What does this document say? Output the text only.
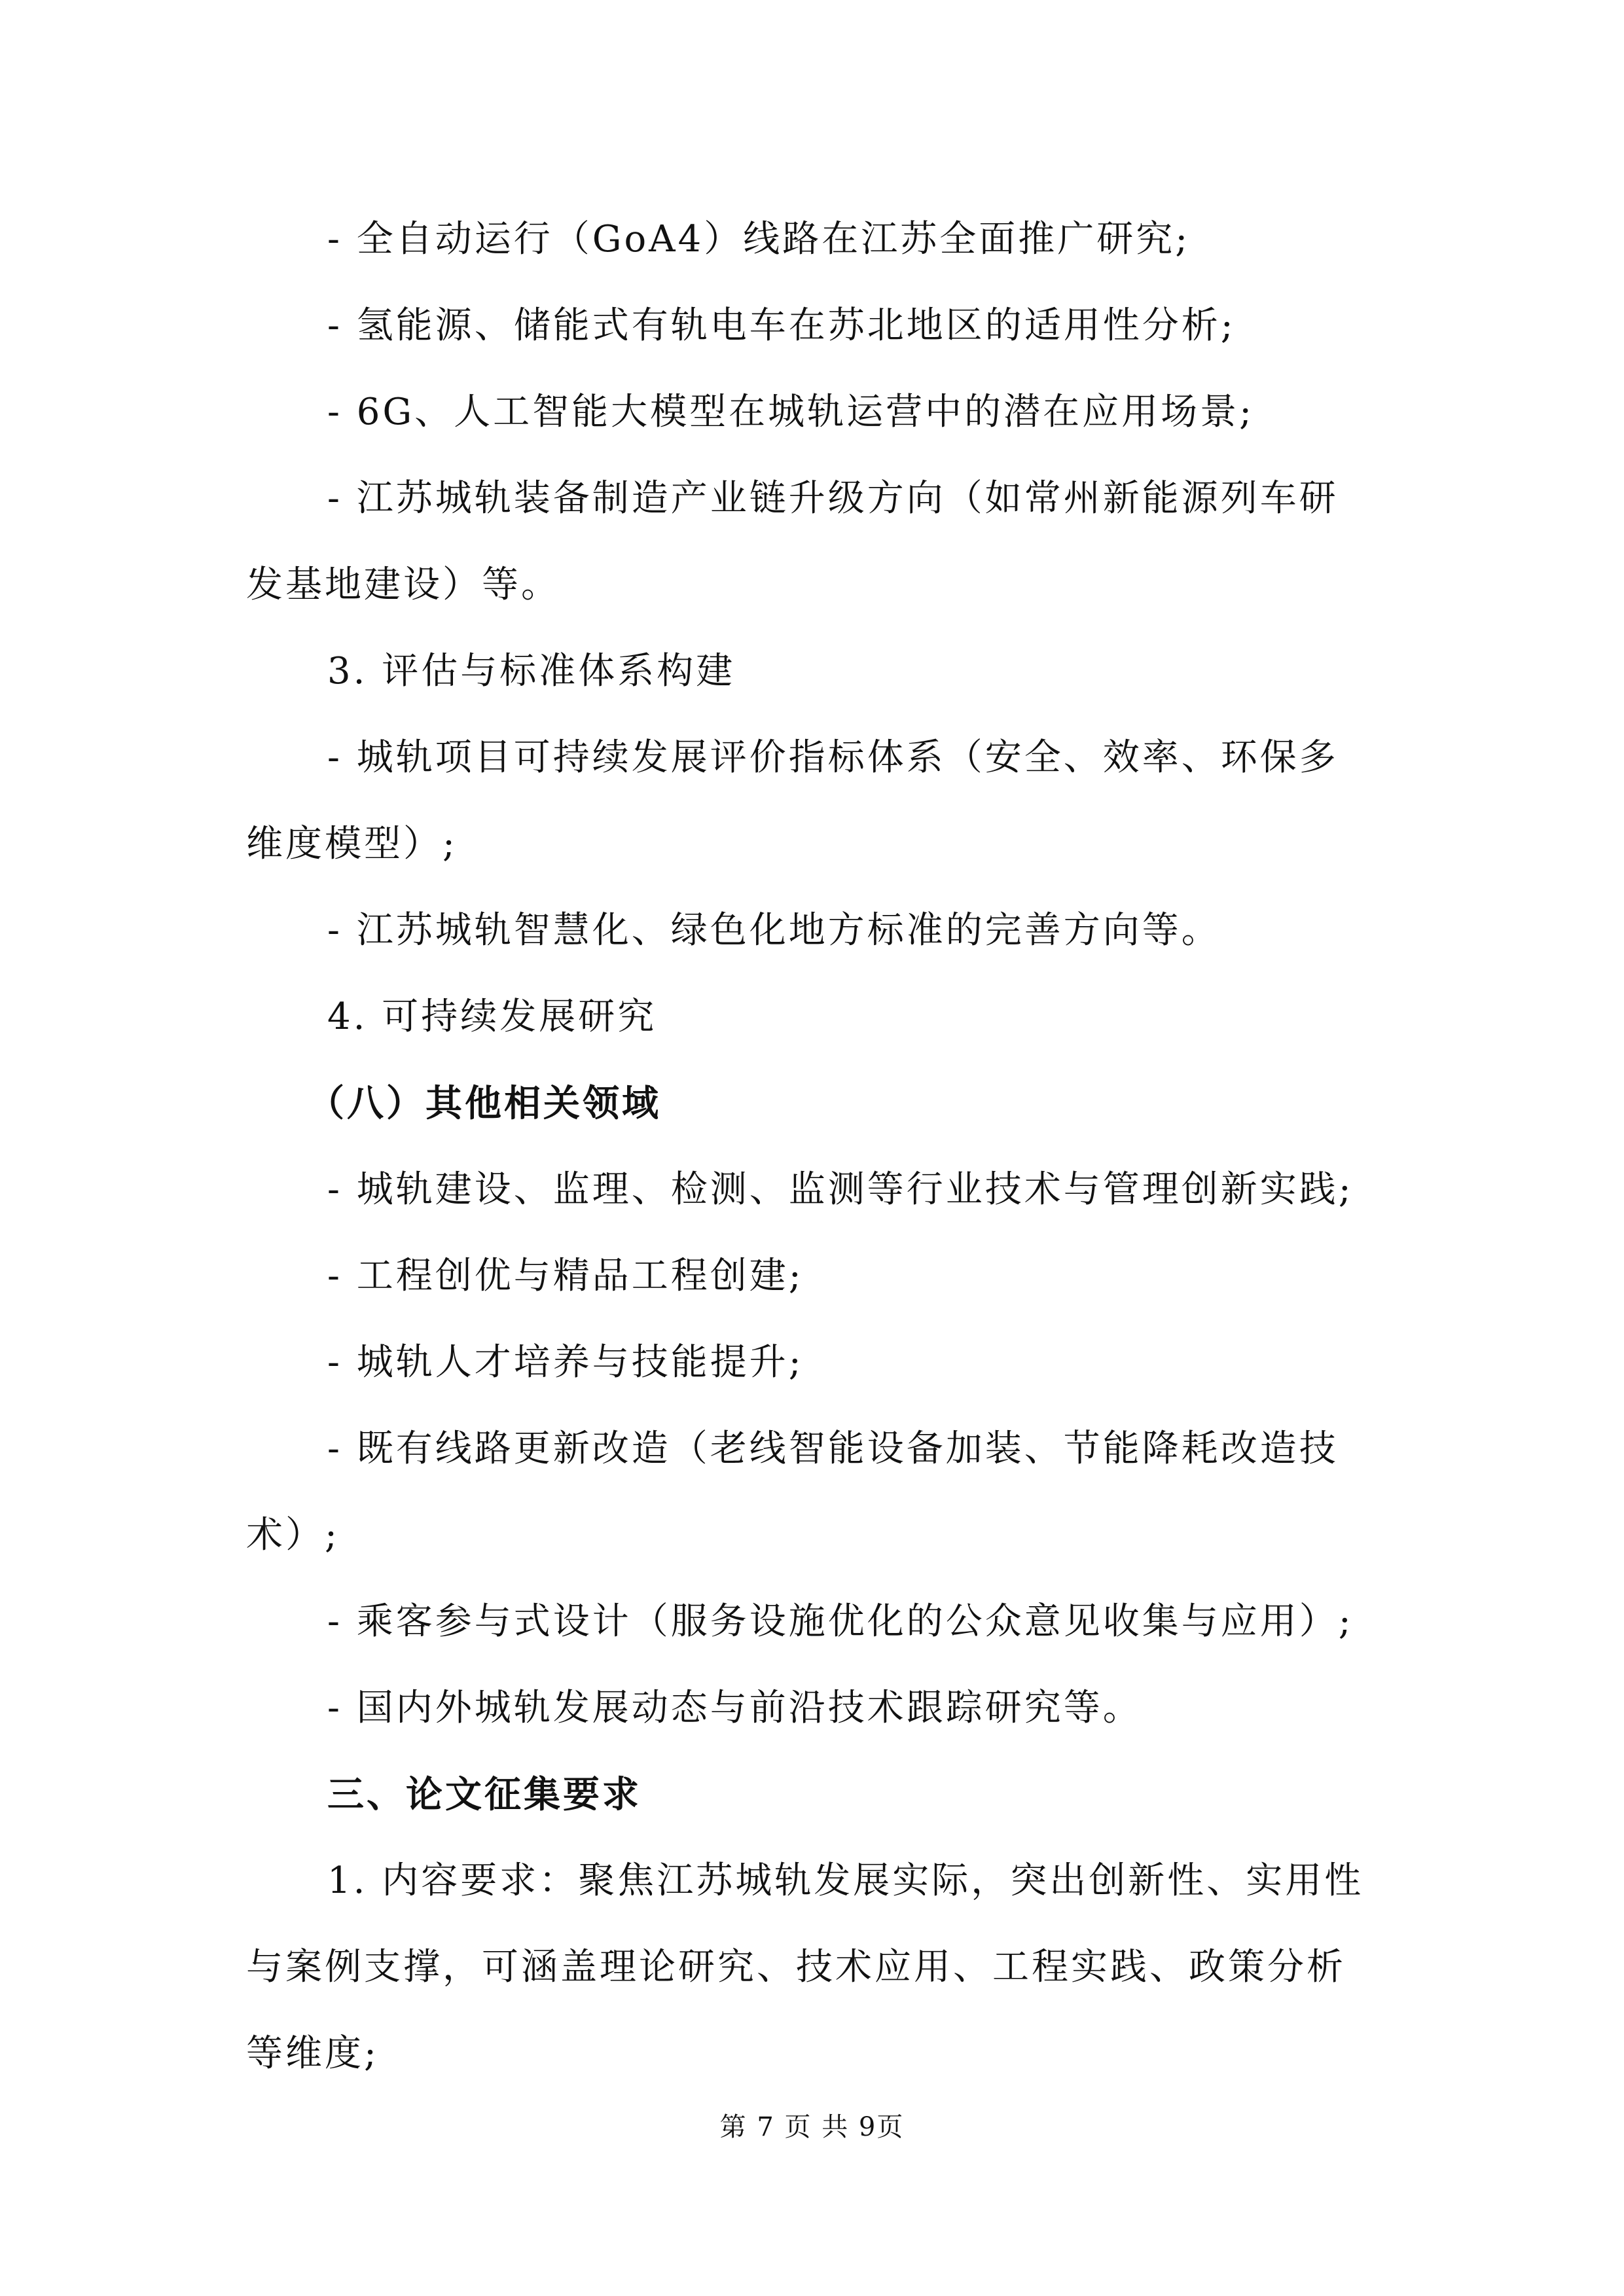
- 全自动运行（GoA4）线路在江苏全面推广研究;
- 氢能源、储能式有轨电车在苏北地区的适用性分析;
- 6G、人工智能大模型在城轨运营中的潜在应用场景;
- 江苏城轨装备制造产业链升级方向（如常州新能源列车研
发基地建设）等。
3. 评估与标准体系构建
- 城轨项目可持续发展评价指标体系（安全、效率、环保多
维度模型）;
- 江苏城轨智慧化、绿色化地方标准的完善方向等。
4. 可持续发展研究
（八）其他相关领域
- 城轨建设、监理、检测、监测等行业技术与管理创新实践;
- 工程创优与精品工程创建;
- 城轨人才培养与技能提升;
- 既有线路更新改造（老线智能设备加装、节能降耗改造技
术）;
- 乘客参与式设计（服务设施优化的公众意见收集与应用）;
- 国内外城轨发展动态与前沿技术跟踪研究等。
三、论文征集要求
1. 内容要求：聚焦江苏城轨发展实际，突出创新性、实用性
与案例支撑，可涵盖理论研究、技术应用、工程实践、政策分析
等维度;
第 7 页 共 9页
